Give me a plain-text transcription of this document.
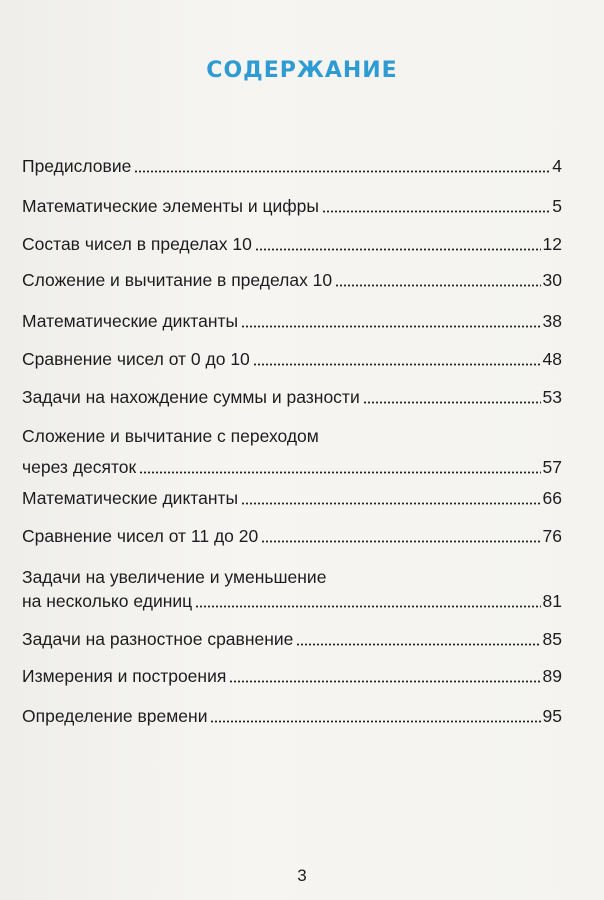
СОДЕРЖАНИЕ
Предисловие	4
Математические элементы и цифры	5
Состав чисел в пределах 10	12
Сложение и вычитание в пределах 10	30
Математические диктанты	38
Сравнение чисел от 0 до 10	48
Задачи на нахождение суммы и разности	53
Сложение и вычитание с переходом
через десяток	57
Математические диктанты	66
Сравнение чисел от 11 до 20	76
Задачи на увеличение и уменьшение
на несколько единиц	81
Задачи на разностное сравнение	85
Измерения и построения	89
Определение времени	95
3
